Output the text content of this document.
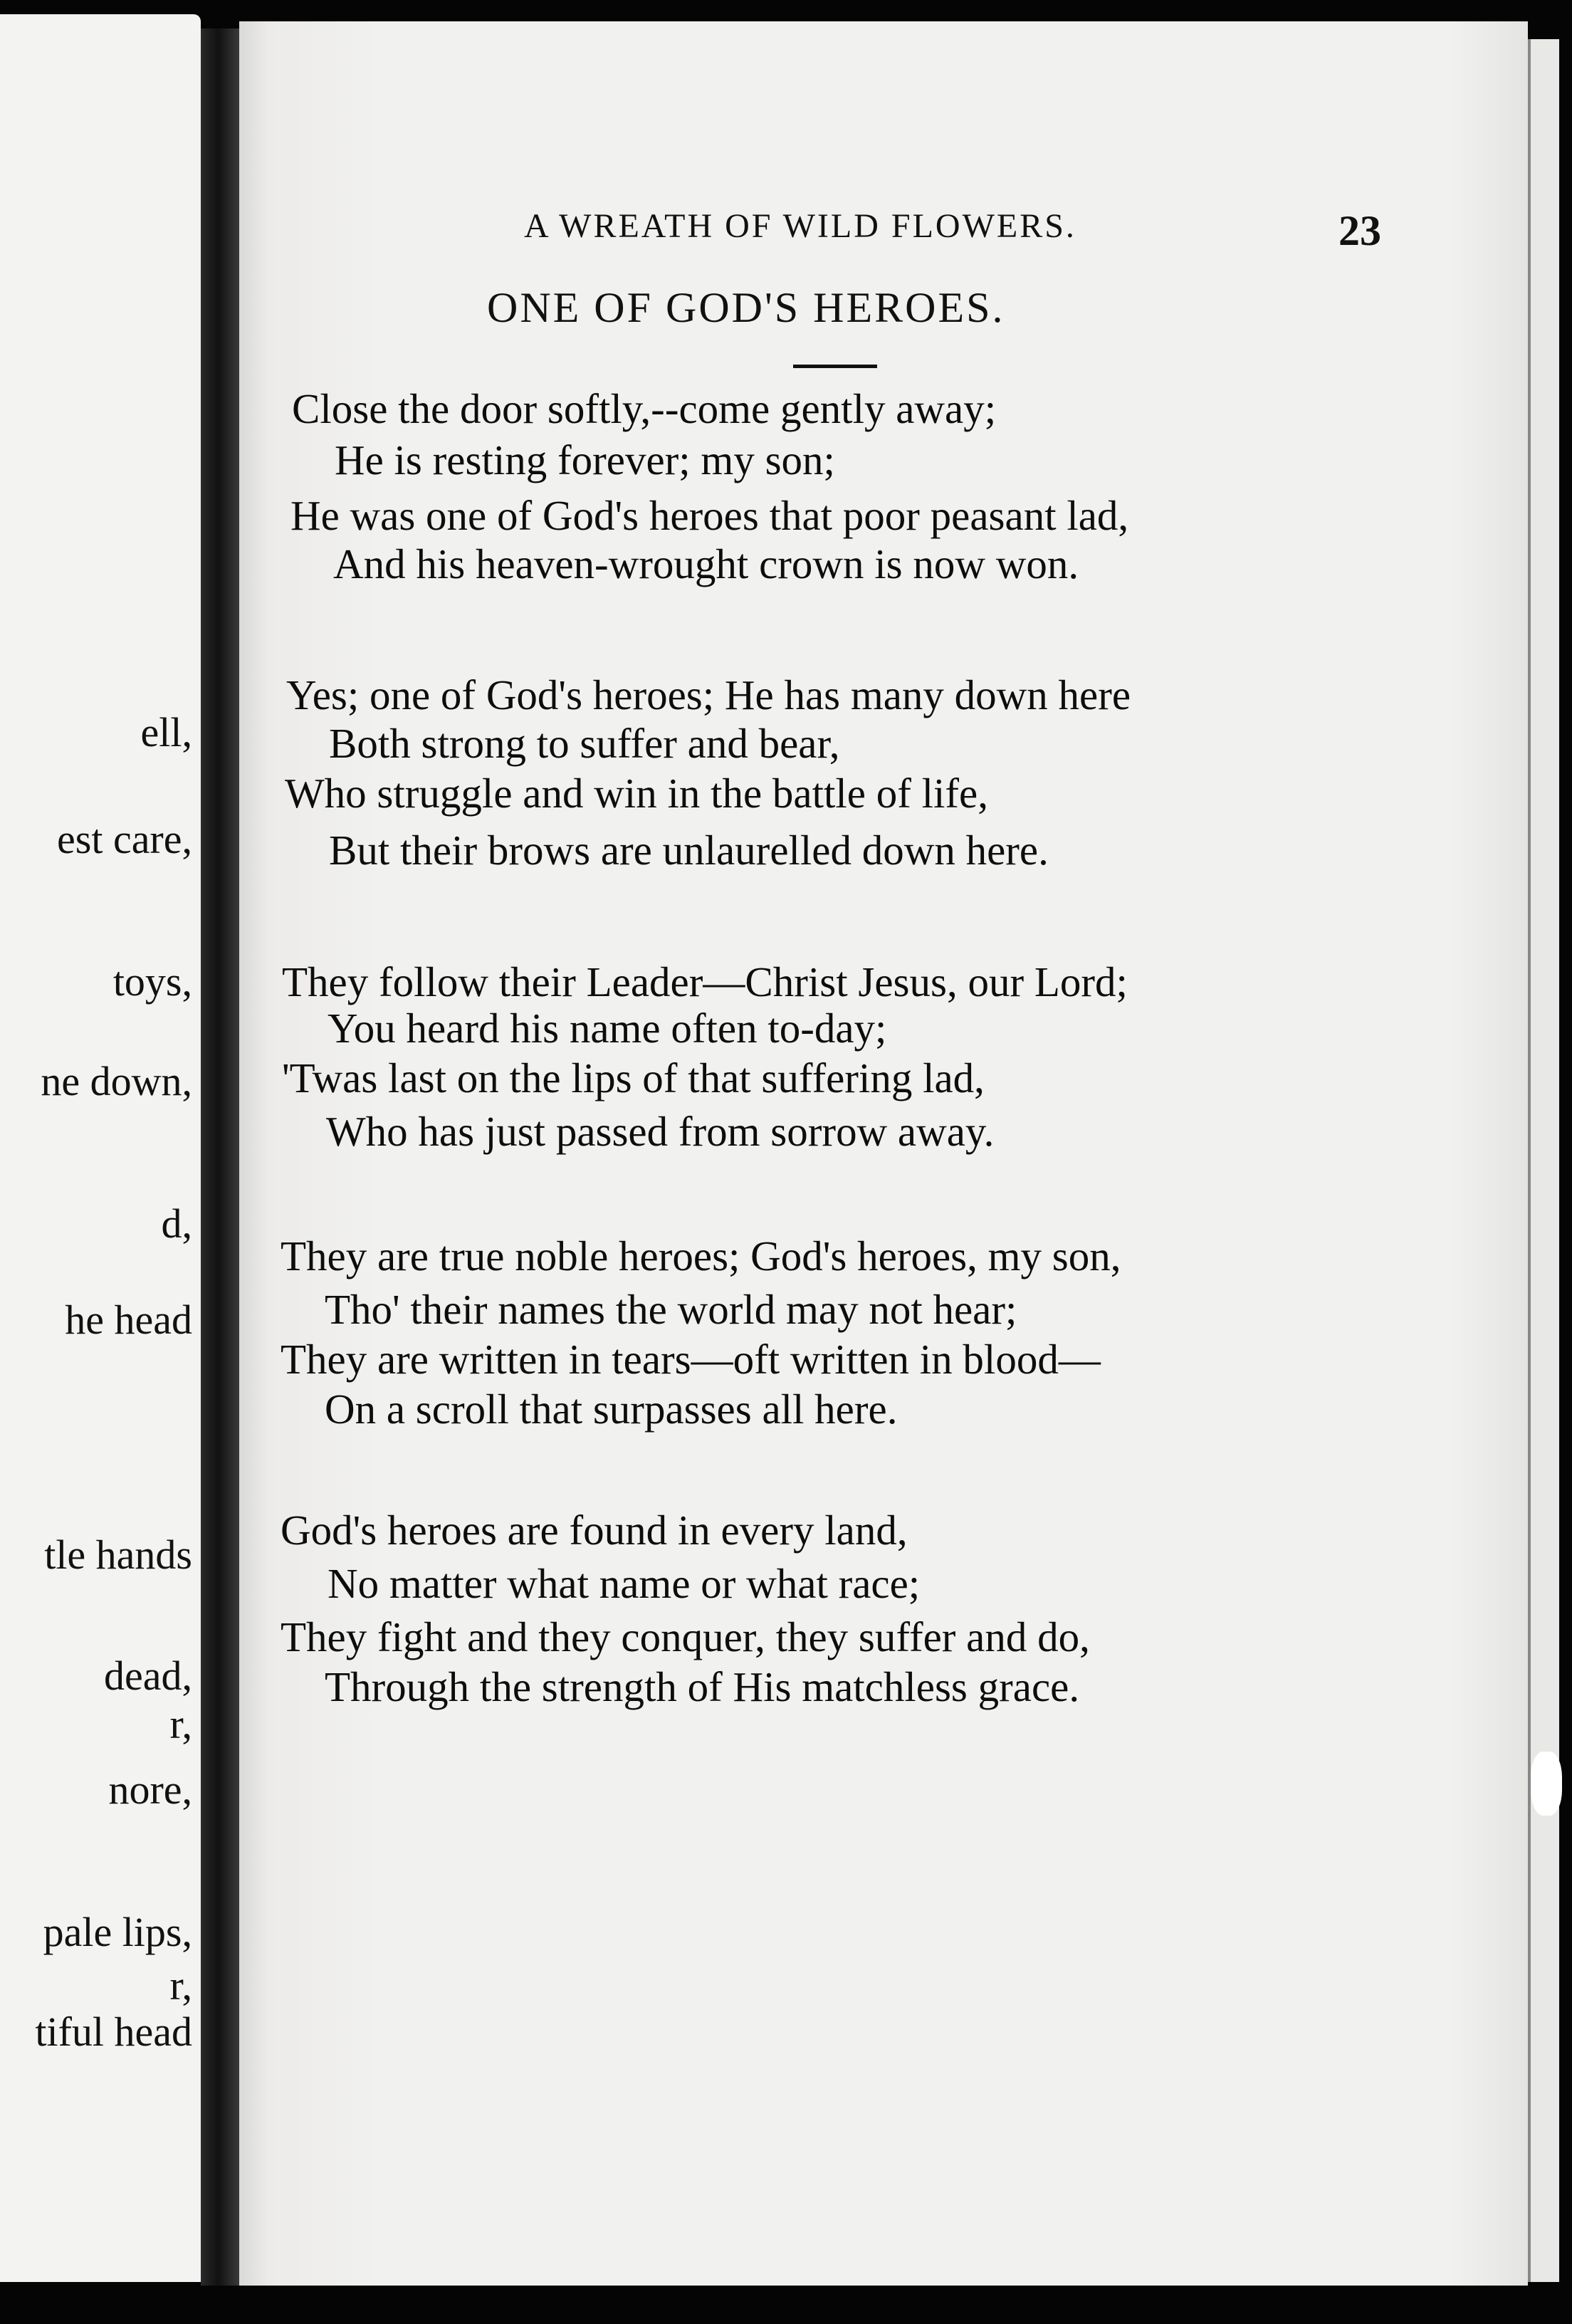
ell,
est care,
toys,
ne down,
d,
he head
tle hands
dead,
r,
nore,
pale lips,
r,
tiful head
A WREATH OF WILD FLOWERS.	23
ONE OF GOD'S HEROES.
Close the door softly,--come gently away;
He is resting forever; my son;
He was one of God's heroes that poor peasant lad,
And his heaven-wrought crown is now won.
Yes; one of God's heroes; He has many down here
Both strong to suffer and bear,
Who struggle and win in the battle of life,
But their brows are unlaurelled down here.
They follow their Leader—Christ Jesus, our Lord;
You heard his name often to-day;
'Twas last on the lips of that suffering lad,
Who has just passed from sorrow away.
They are true noble heroes; God's heroes, my son,
Tho' their names the world may not hear;
They are written in tears—oft written in blood—
On a scroll that surpasses all here.
God's heroes are found in every land,
No matter what name or what race;
They fight and they conquer, they suffer and do,
Through the strength of His matchless grace.
